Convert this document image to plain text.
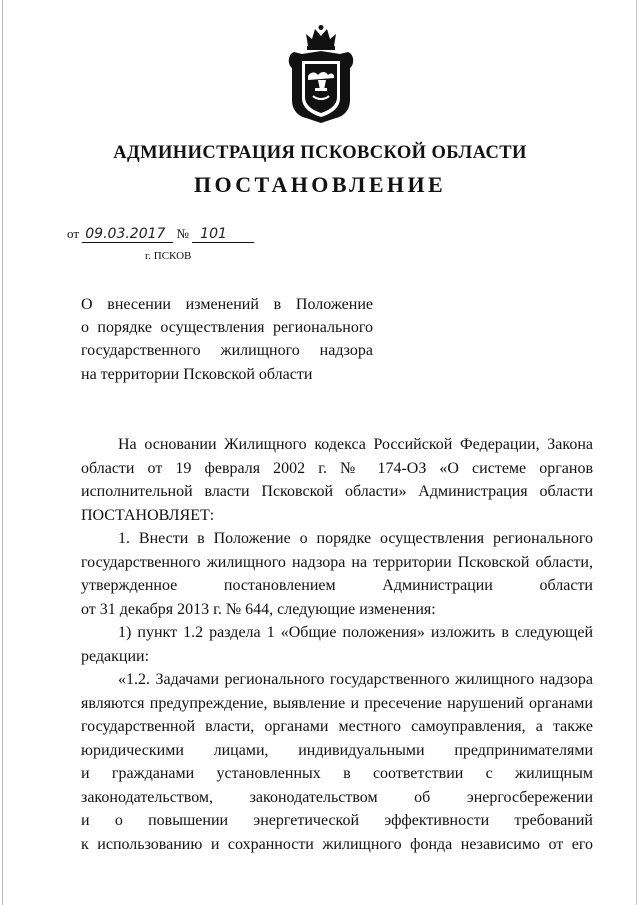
АДМИНИСТРАЦИЯ ПСКОВСКОЙ ОБЛАСТИ
ПОСТАНОВЛЕНИЕ
от 09.03.2017 № 101
г. ПСКОВ
О внесении изменений в Положение
о порядке осуществления регионального
государственного жилищного надзора
на территории Псковской области
На основании Жилищного кодекса Российской Федерации, Закона
области от 19 февраля 2002 г. № 174-ОЗ «О системе органов
исполнительной власти Псковской области» Администрация области
ПОСТАНОВЛЯЕТ:
1. Внести в Положение о порядке осуществления регионального
государственного жилищного надзора на территории Псковской области,
утвержденное постановлением Администрации области
от 31 декабря 2013 г. № 644, следующие изменения:
1) пункт 1.2 раздела 1 «Общие положения» изложить в следующей
редакции:
«1.2. Задачами регионального государственного жилищного надзора
являются предупреждение, выявление и пресечение нарушений органами
государственной власти, органами местного самоуправления, а также
юридическими лицами, индивидуальными предпринимателями
и гражданами установленных в соответствии с жилищным
законодательством, законодательством об энергосбережении
и о повышении энергетической эффективности требований
к использованию и сохранности жилищного фонда независимо от его
